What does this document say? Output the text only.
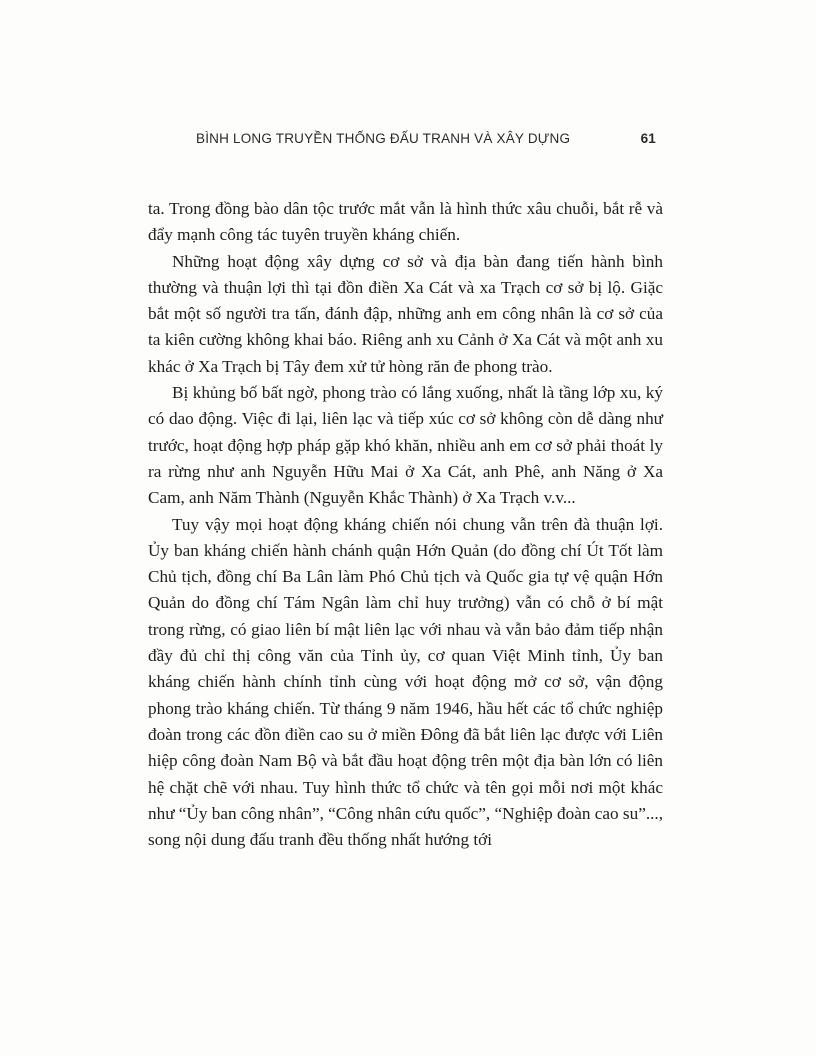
BÌNH LONG TRUYỀN THỐNG ĐẤU TRANH VÀ XÂY DỰNG	61

ta. Trong đồng bào dân tộc trước mắt vẫn là hình thức xâu chuỗi, bắt rễ và đẩy mạnh công tác tuyên truyền kháng chiến.

Những hoạt động xây dựng cơ sở và địa bàn đang tiến hành bình thường và thuận lợi thì tại đồn điền Xa Cát và xa Trạch cơ sở bị lộ. Giặc bắt một số người tra tấn, đánh đập, những anh em công nhân là cơ sở của ta kiên cường không khai báo. Riêng anh xu Cảnh ở Xa Cát và một anh xu khác ở Xa Trạch bị Tây đem xử tử hòng răn đe phong trào.

Bị khủng bố bất ngờ, phong trào có lắng xuống, nhất là tầng lớp xu, ký có dao động. Việc đi lại, liên lạc và tiếp xúc cơ sở không còn dễ dàng như trước, hoạt động hợp pháp gặp khó khăn, nhiều anh em cơ sở phải thoát ly ra rừng như anh Nguyễn Hữu Mai ở Xa Cát, anh Phê, anh Năng ở Xa Cam, anh Năm Thành (Nguyễn Khắc Thành) ở Xa Trạch v.v...

Tuy vậy mọi hoạt động kháng chiến nói chung vẫn trên đà thuận lợi. Ủy ban kháng chiến hành chánh quận Hớn Quản (do đồng chí Út Tốt làm Chủ tịch, đồng chí Ba Lân làm Phó Chủ tịch và Quốc gia tự vệ quận Hớn Quản do đồng chí Tám Ngân làm chỉ huy trưởng) vẫn có chỗ ở bí mật trong rừng, có giao liên bí mật liên lạc với nhau và vẫn bảo đảm tiếp nhận đầy đủ chỉ thị công văn của Tỉnh ủy, cơ quan Việt Minh tỉnh, Ủy ban kháng chiến hành chính tỉnh cùng với hoạt động mở cơ sở, vận động phong trào kháng chiến. Từ tháng 9 năm 1946, hầu hết các tổ chức nghiệp đoàn trong các đồn điền cao su ở miền Đông đã bắt liên lạc được với Liên hiệp công đoàn Nam Bộ và bắt đầu hoạt động trên một địa bàn lớn có liên hệ chặt chẽ với nhau. Tuy hình thức tổ chức và tên gọi mỗi nơi một khác như “Ủy ban công nhân”, “Công nhân cứu quốc”, “Nghiệp đoàn cao su”..., song nội dung đấu tranh đều thống nhất hướng tới
